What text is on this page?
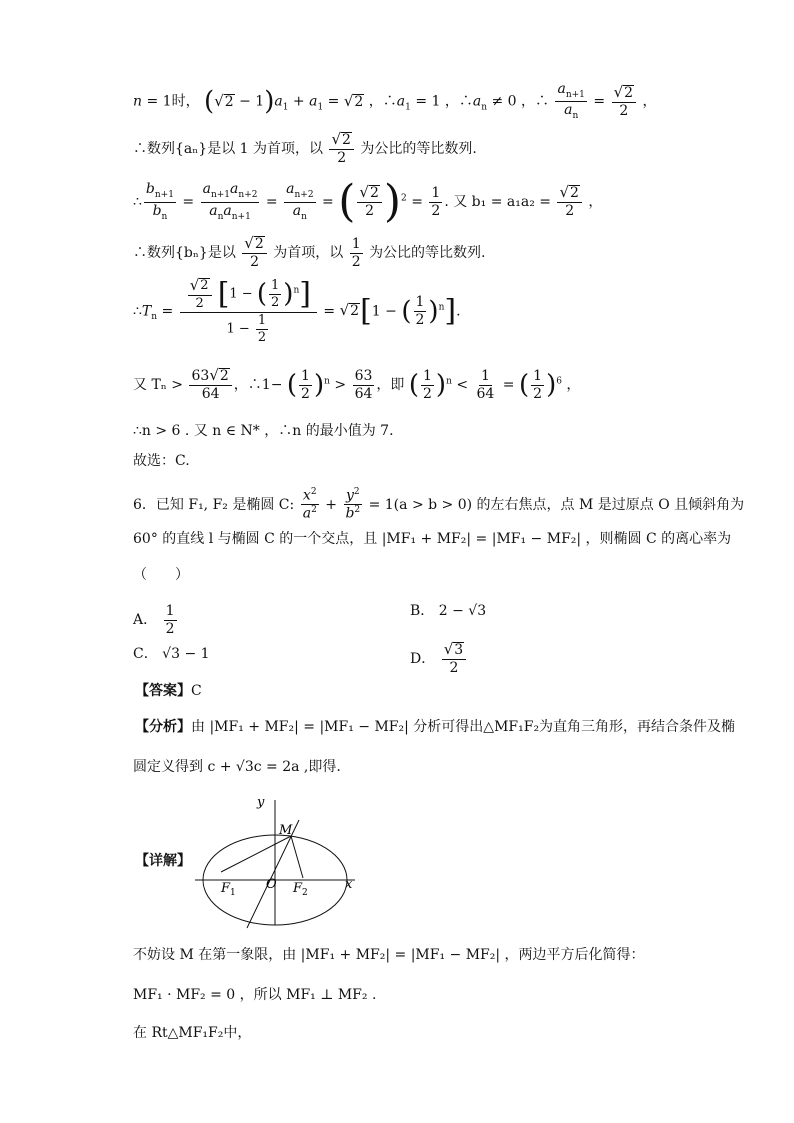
n = 1时， ( √ $2 - 1)a_1 + a_1$ = √ 2 ，$\therefore a_1 = 1$ ，$\therefore a_n \ne 0$ ，∴ $\frac{a_{n+1}}{a_n} = \frac{√ 2}{2}$ ，
∴数列{aₙ}是以 1 为首项，以 $\frac{√ 2}{2}$ 为公比的等比数列.
∴ $\frac{b_{n+1}}{b_n} = \frac{a_{n+1}a_{n+2}}{a_na_{n+1}} = \frac{a_{n+2}}{a_n}$ = ( $\frac{√ 2}{2} )^2 = \frac{1}{2}$ . 又 $b_1 = a_1a_2 = \frac{√ 2}{2}$ ，
∴数列{bₙ}是以 $\frac{√ 2}{2}$ 为首项，以 $\frac{1}{2}$ 为公比的等比数列.
$\therefore T_n = \frac{\frac{√ 2}{2} [1 - ( \frac{1}{2} )^n]}{1 - \frac{1}{2}}$ = √ 2 [1 − ( $\frac{1}{2} )^n$].
又 $T_n > \frac{63 √ 2}{64}$ ，∴1− ( $\frac{1}{2} )^n > \frac{63}{64}$ ，即 ( $\frac{1}{2} )^n < \frac{1}{64}$ = ( $\frac{1}{2} )^6$ ，
∴n > 6 . 又 n ∈ N* ，∴n 的最小值为 7.
故选：C.
6．已知 F₁, F₂ 是椭圆 C: $\frac{x^2}{a^2} + \frac{y^2}{b^2} = 1(a > b > 0)$ 的左右焦点，点 M 是过原点 O 且倾斜角为
60° 的直线 l 与椭圆 C 的一个交点，且 |MF₁ + MF₂| = |MF₁ − MF₂| ，则椭圆 C 的离心率为
（　　）
A． $\frac{1}{2}$	B． 2 − √3
C． √3 − 1	D． $\frac{√ 3}{2}$
【答案】C
【分析】由 |MF₁ + MF₂| = |MF₁ − MF₂| 分析可得出△MF₁F₂为直角三角形，再结合条件及椭
圆定义得到 c + √3c = 2a ,即得.
【详解】
y
x
M
O
$F_1$	$F_2$
不妨设 M 在第一象限，由 |MF₁ + MF₂| = |MF₁ − MF₂| ，两边平方后化简得：
MF₁ · MF₂ = 0 ，所以 MF₁ ⊥ MF₂ .
在 Rt△MF₁F₂中，
